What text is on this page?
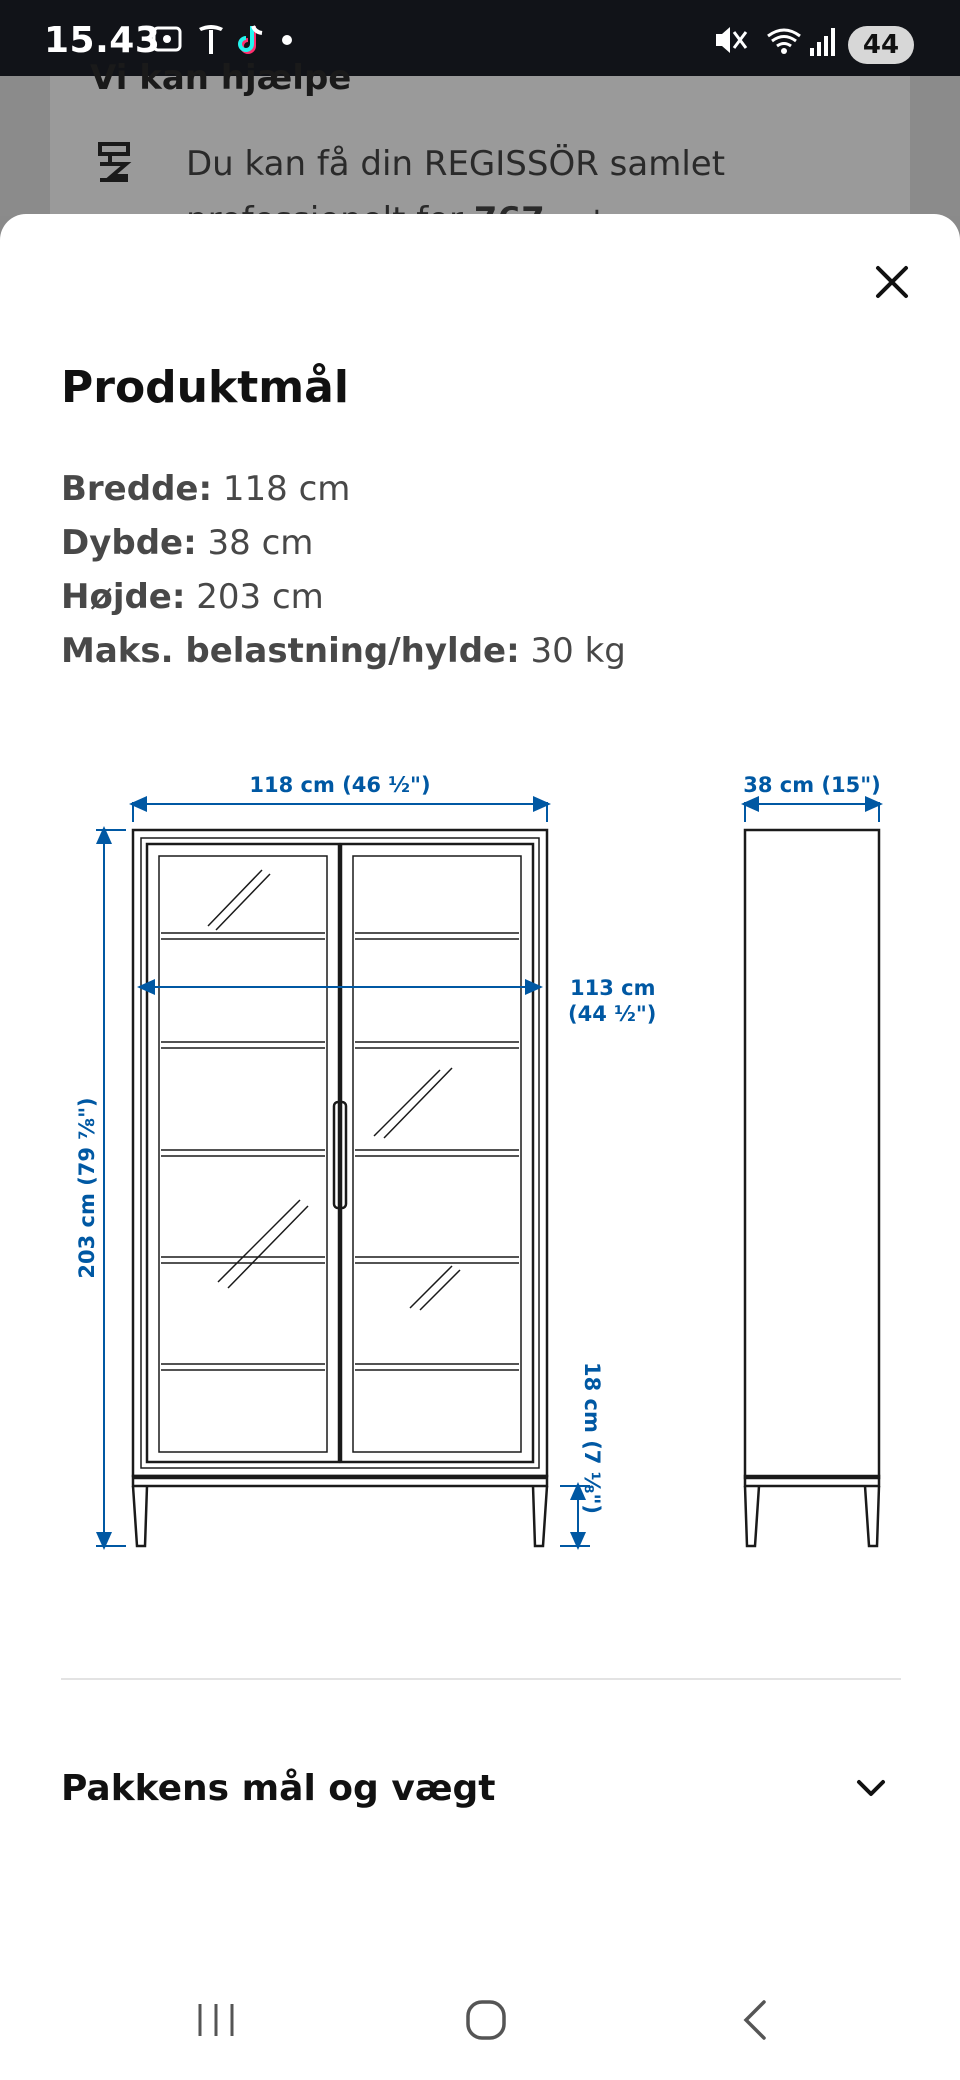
15.43	44
Vi kan hjælpe
Du kan få din REGISSÖR samlet
Produktmål
Bredde: 118 cm
Dybde: 38 cm
Højde: 203 cm
Maks. belastning/hylde: 30 kg
118 cm (46 ½")	38 cm (15")
113 cm
(44 ½")
203 cm (79 ⅞")
18 cm (7 ⅛")
Pakkens mål og vægt
